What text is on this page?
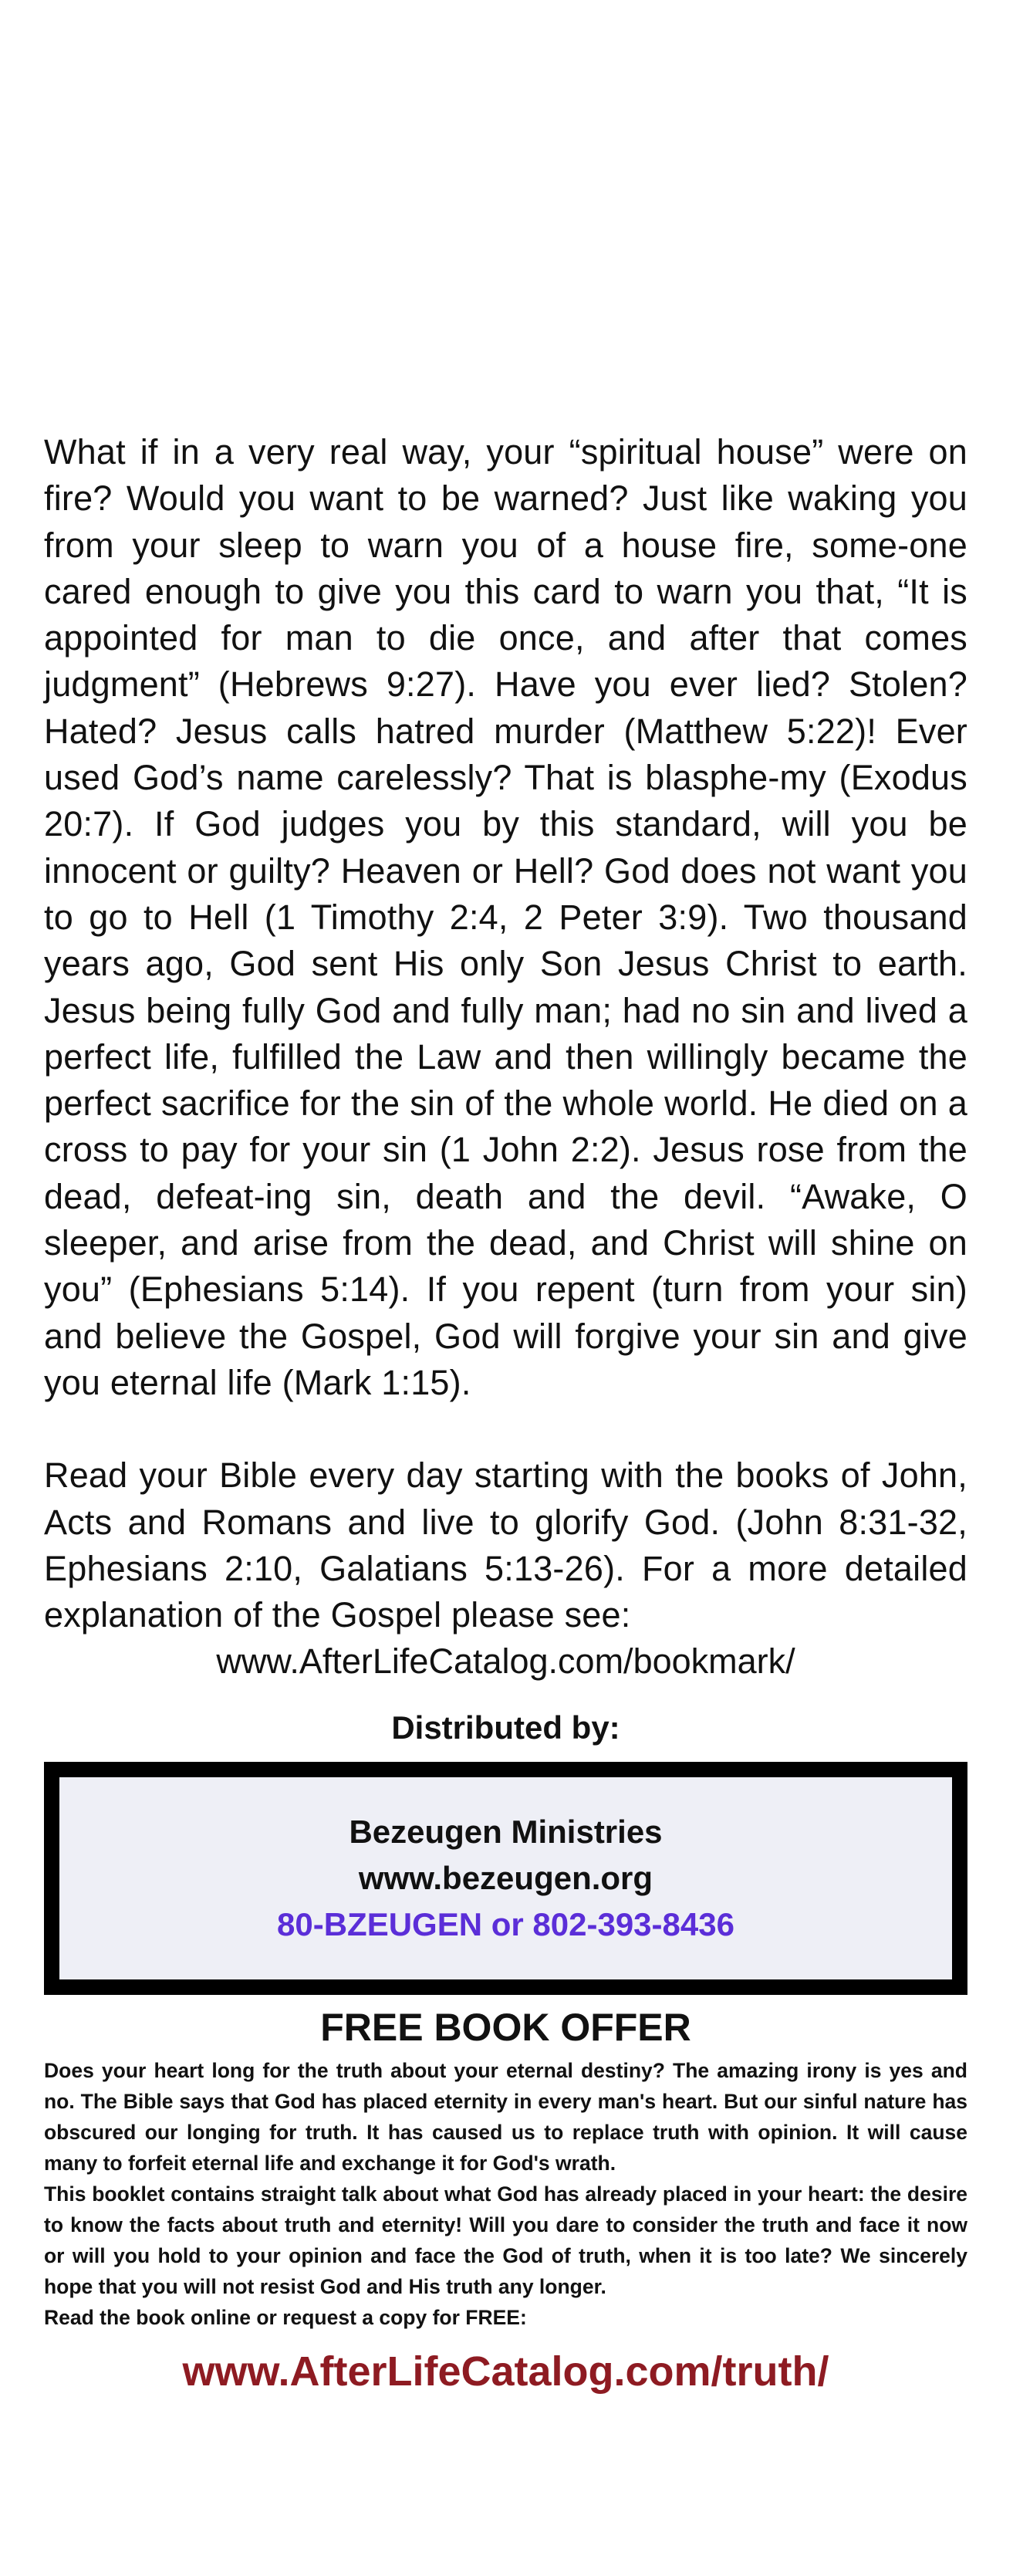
What if in a very real way, your “spiritual house” were on fire? Would you want to be warned? Just like waking you from your sleep to warn you of a house fire, some-one cared enough to give you this card to warn you that, “It is appointed for man to die once, and after that comes judgment” (Hebrews 9:27). Have you ever lied? Stolen? Hated? Jesus calls hatred murder (Matthew 5:22)! Ever used God’s name carelessly? That is blasphe-my (Exodus 20:7). If God judges you by this standard, will you be innocent or guilty? Heaven or Hell? God does not want you to go to Hell (1 Timothy 2:4, 2 Peter 3:9). Two thousand years ago, God sent His only Son Jesus Christ to earth. Jesus being fully God and fully man; had no sin and lived a perfect life, fulfilled the Law and then willingly became the perfect sacrifice for the sin of the whole world. He died on a cross to pay for your sin (1 John 2:2). Jesus rose from the dead, defeat-ing sin, death and the devil. “Awake, O sleeper, and arise from the dead, and Christ will shine on you” (Ephesians 5:14). If you repent (turn from your sin) and believe the Gospel, God will forgive your sin and give you eternal life (Mark 1:15).

Read your Bible every day starting with the books of John, Acts and Romans and live to glorify God. (John 8:31-32, Ephesians 2:10, Galatians 5:13-26). For a more detailed explanation of the Gospel please see:

www.AfterLifeCatalog.com/bookmark/

Distributed by:
Bezeugen Ministries
www.bezeugen.org
80-BZEUGEN or 802-393-8436
FREE BOOK OFFER

Does your heart long for the truth about your eternal destiny? The amazing irony is yes and no. The Bible says that God has placed eternity in every man's heart. But our sinful nature has obscured our longing for truth. It has caused us to replace truth with opinion. It will cause many to forfeit eternal life and exchange it for God's wrath.

This booklet contains straight talk about what God has already placed in your heart: the desire to know the facts about truth and eternity! Will you dare to consider the truth and face it now or will you hold to your opinion and face the God of truth, when it is too late? We sincerely hope that you will not resist God and His truth any longer.

Read the book online or request a copy for FREE:

www.AfterLifeCatalog.com/truth/
